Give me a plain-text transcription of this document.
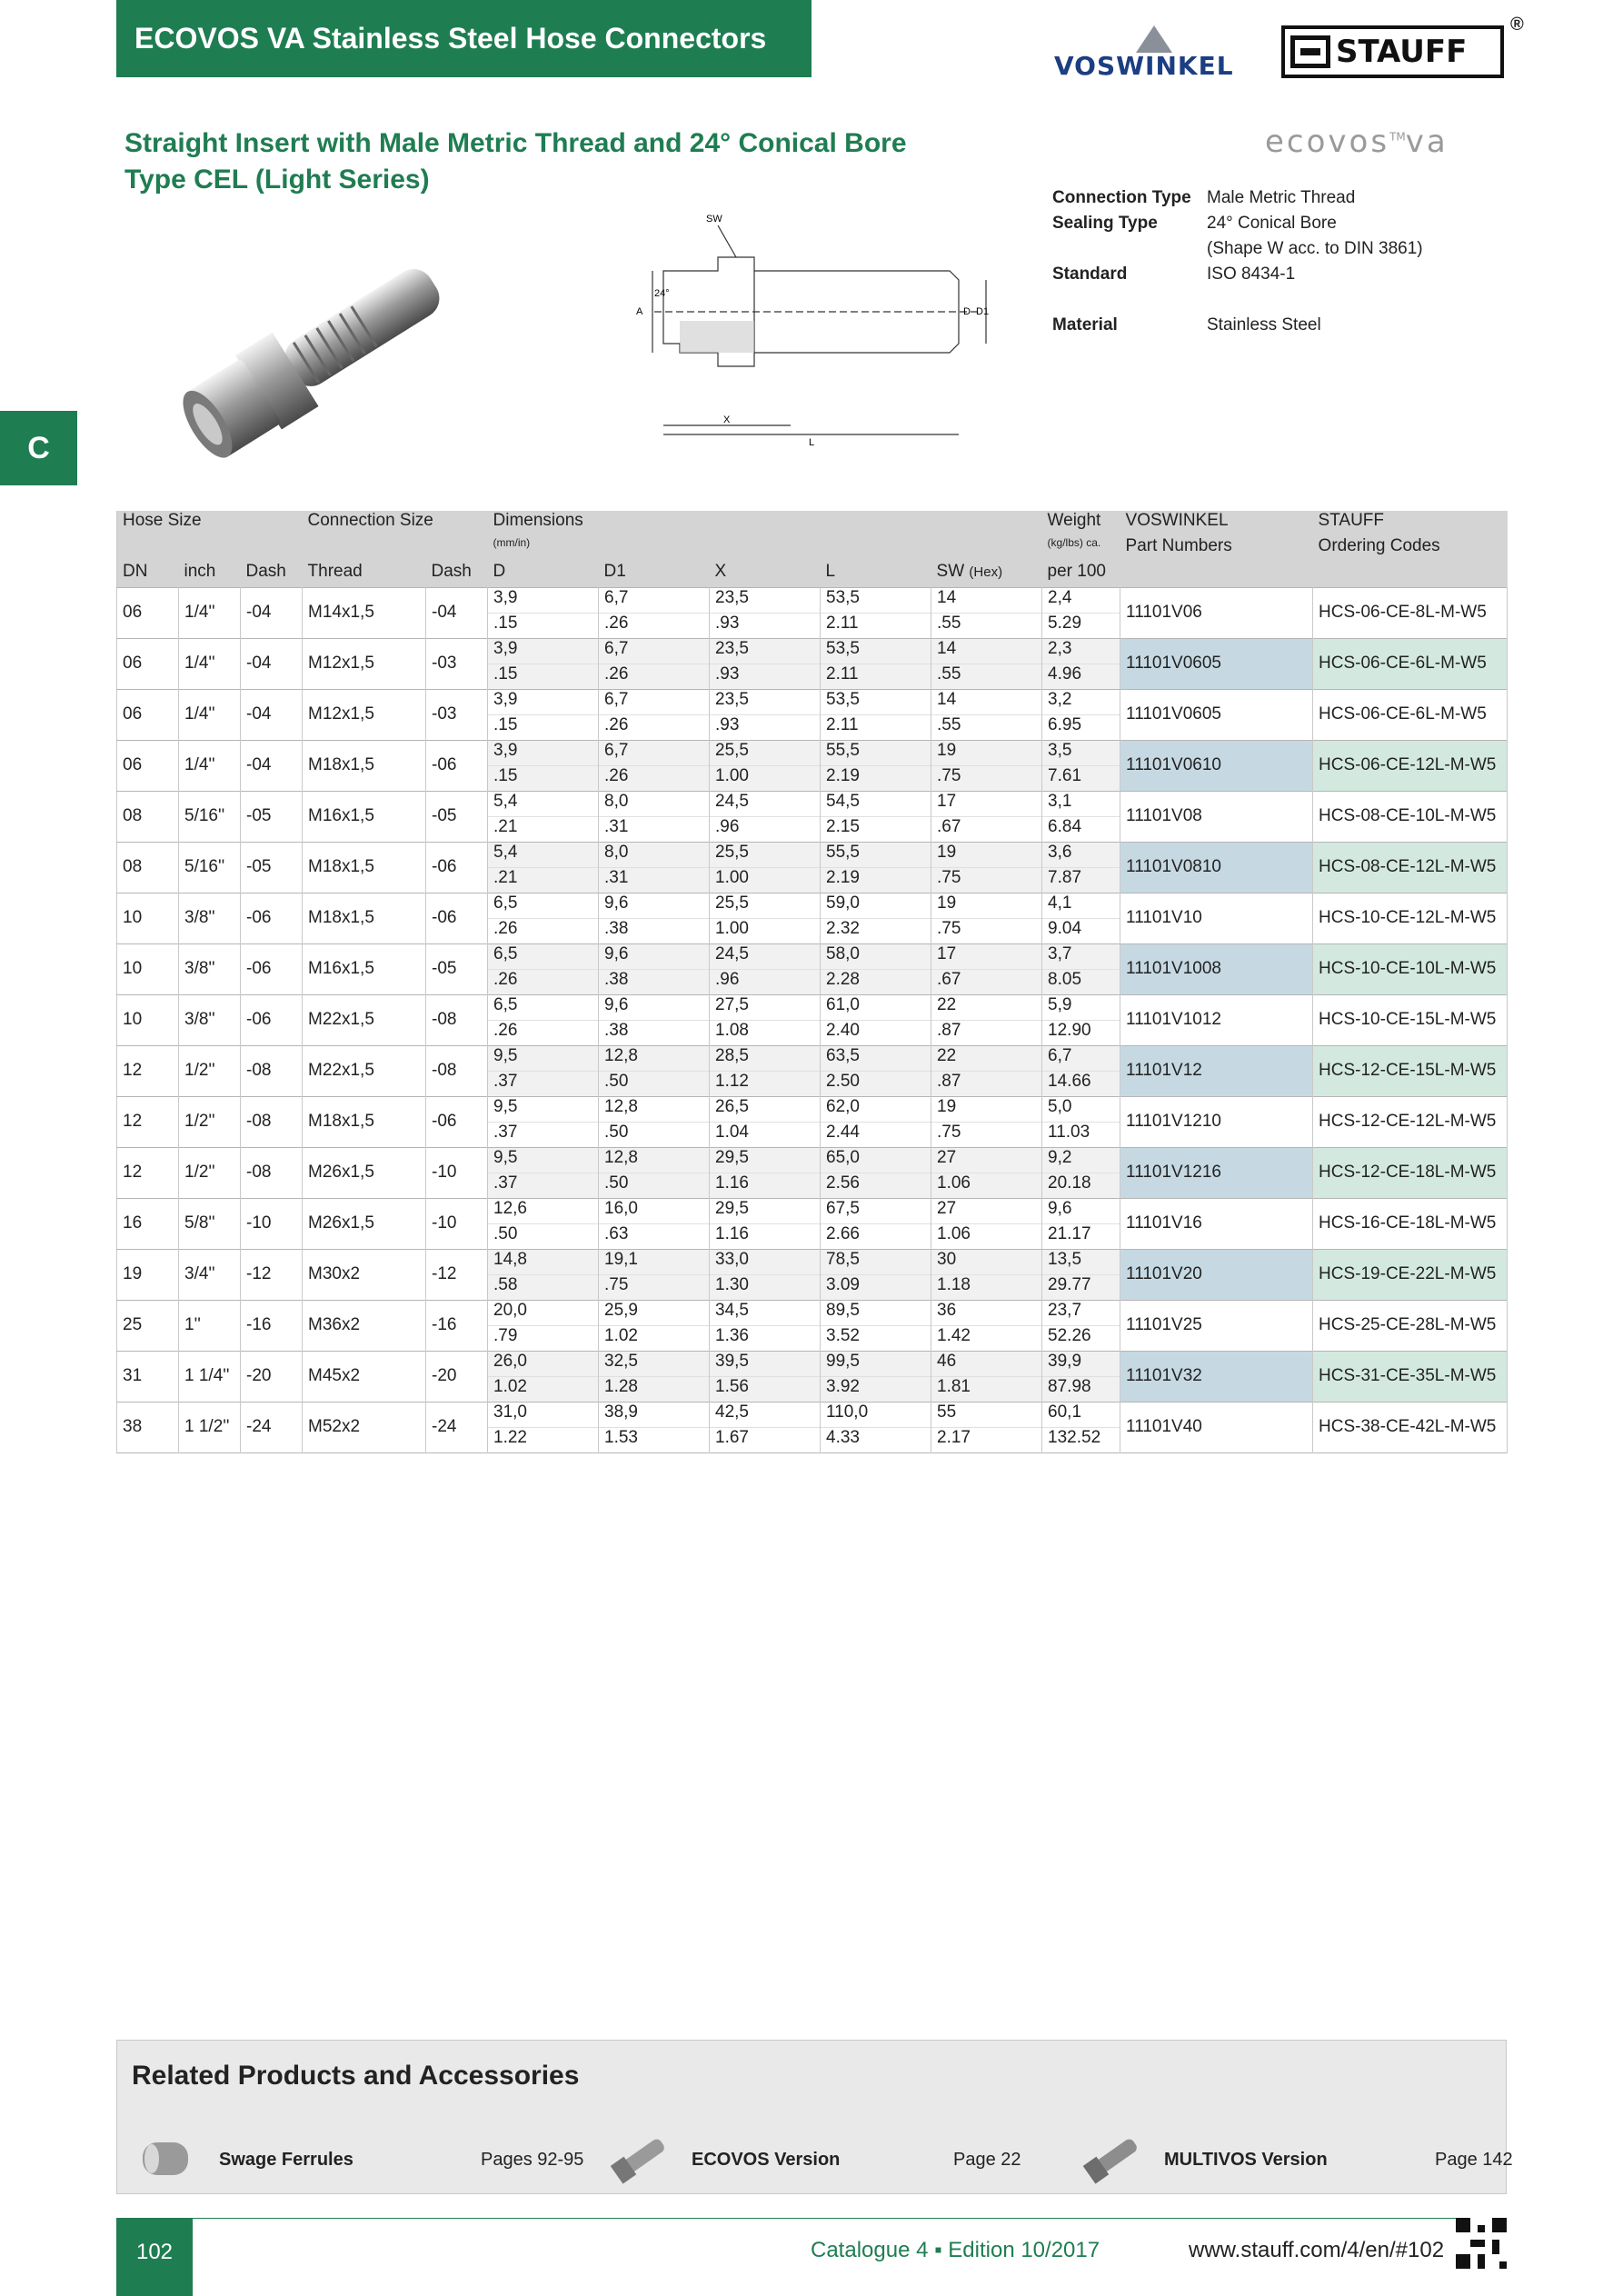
ECOVOS VA Stainless Steel Hose Connectors
VOSWINKEL	STAUFF
®
Straight Insert with Male Metric Thread and 24° Conical Bore
Type CEL (Light Series)
ecovos™va
Connection Type Male Metric Thread
Sealing Type	24° Conical Bore
(Shape W acc. to DIN 3861)
Standard	ISO 8434-1
Material	Stainless Steel
C
SW
A
24°
D D1
X
L
Hose Size			Connection Size		Dimensions					Weight	VOSWINKEL	STAUFF
					$^{(mm/in)}$					$^{(kg/lbs) ca.}$	Part Numbers	Ordering Codes
DN	inch	Dash	Thread	Dash	D	D1	X	L	SW (Hex)	per 100		
06	1/4''	-04	M14x1,5	-04	3,9	6,7	23,5	53,5	14	2,4	11101V06	HCS-06-CE-8L-M-W5
					.15	.26	.93	2.11	.55	5.29		
06	1/4''	-04	M12x1,5	-03	3,9	6,7	23,5	53,5	14	2,3	11101V0605	HCS-06-CE-6L-M-W5
					.15	.26	.93	2.11	.55	4.96		
06	1/4''	-04	M12x1,5	-03	3,9	6,7	23,5	53,5	14	3,2	11101V0605	HCS-06-CE-6L-M-W5
					.15	.26	.93	2.11	.55	6.95		
06	1/4''	-04	M18x1,5	-06	3,9	6,7	25,5	55,5	19	3,5	11101V0610	HCS-06-CE-12L-M-W5
					.15	.26	1.00	2.19	.75	7.61		
08	5/16''	-05	M16x1,5	-05	5,4	8,0	24,5	54,5	17	3,1	11101V08	HCS-08-CE-10L-M-W5
					.21	.31	.96	2.15	.67	6.84		
08	5/16''	-05	M18x1,5	-06	5,4	8,0	25,5	55,5	19	3,6	11101V0810	HCS-08-CE-12L-M-W5
					.21	.31	1.00	2.19	.75	7.87		
10	3/8''	-06	M18x1,5	-06	6,5	9,6	25,5	59,0	19	4,1	11101V10	HCS-10-CE-12L-M-W5
					.26	.38	1.00	2.32	.75	9.04		
10	3/8''	-06	M16x1,5	-05	6,5	9,6	24,5	58,0	17	3,7	11101V1008	HCS-10-CE-10L-M-W5
					.26	.38	.96	2.28	.67	8.05		
10	3/8''	-06	M22x1,5	-08	6,5	9,6	27,5	61,0	22	5,9	11101V1012	HCS-10-CE-15L-M-W5
					.26	.38	1.08	2.40	.87	12.90		
12	1/2''	-08	M22x1,5	-08	9,5	12,8	28,5	63,5	22	6,7	11101V12	HCS-12-CE-15L-M-W5
					.37	.50	1.12	2.50	.87	14.66		
12	1/2''	-08	M18x1,5	-06	9,5	12,8	26,5	62,0	19	5,0	11101V1210	HCS-12-CE-12L-M-W5
					.37	.50	1.04	2.44	.75	11.03		
12	1/2''	-08	M26x1,5	-10	9,5	12,8	29,5	65,0	27	9,2	11101V1216	HCS-12-CE-18L-M-W5
					.37	.50	1.16	2.56	1.06	20.18		
16	5/8''	-10	M26x1,5	-10	12,6	16,0	29,5	67,5	27	9,6	11101V16	HCS-16-CE-18L-M-W5
					.50	.63	1.16	2.66	1.06	21.17		
19	3/4''	-12	M30x2	-12	14,8	19,1	33,0	78,5	30	13,5	11101V20	HCS-19-CE-22L-M-W5
					.58	.75	1.30	3.09	1.18	29.77		
25	1''	-16	M36x2	-16	20,0	25,9	34,5	89,5	36	23,7	11101V25	HCS-25-CE-28L-M-W5
					.79	1.02	1.36	3.52	1.42	52.26		
31	1 1/4''	-20	M45x2	-20	26,0	32,5	39,5	99,5	46	39,9	11101V32	HCS-31-CE-35L-M-W5
					1.02	1.28	1.56	3.92	1.81	87.98		
38	1 1/2''	-24	M52x2	-24	31,0	38,9	42,5	110,0	55	60,1	11101V40	HCS-38-CE-42L-M-W5
					1.22	1.53	1.67	4.33	2.17	132.52		
Related Products and Accessories
Swage Ferrules	Pages 92-95	ECOVOS Version	Page 22	MULTIVOS Version	Page 142
102	Catalogue 4 ▪ Edition 10/2017	www.stauff.com/4/en/#102
